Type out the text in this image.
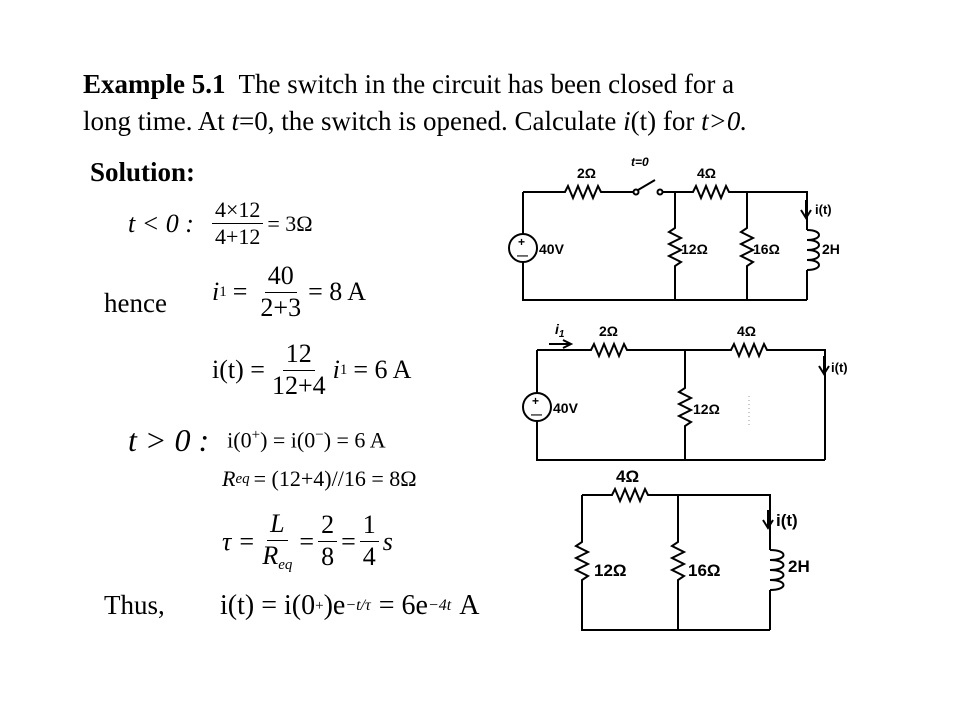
Example 5.1 The switch in the circuit has been closed for a
long time. At t=0, the switch is opened. Calculate i(t) for t>0.
Solution:
t < 0 : $\frac{4\times 12}{4+12} = 3\Omega$
hence i $1 = \frac{40}{2+3} = 8$ A
$i(t) = \frac{12}{12+4}$ i 1 = 6 A
t > 0 : i(0+) = i(0−) = 6 A
R eq = (12+4)//16 = 8Ω
$\tau = \frac{L}{R_{eq}} = \frac{2}{8} = \frac{1}{4}$ s
Thus, i(t) = i(0 + )e −t/τ = 6e −4t A
2Ω
t=0
4Ω
12Ω	16Ω
40V
+
—	2H
i(t)
$i_1$ 2Ω	4Ω
12Ω
40V
+
—
i(t)
4Ω
12Ω	16Ω	2H
i(t)
